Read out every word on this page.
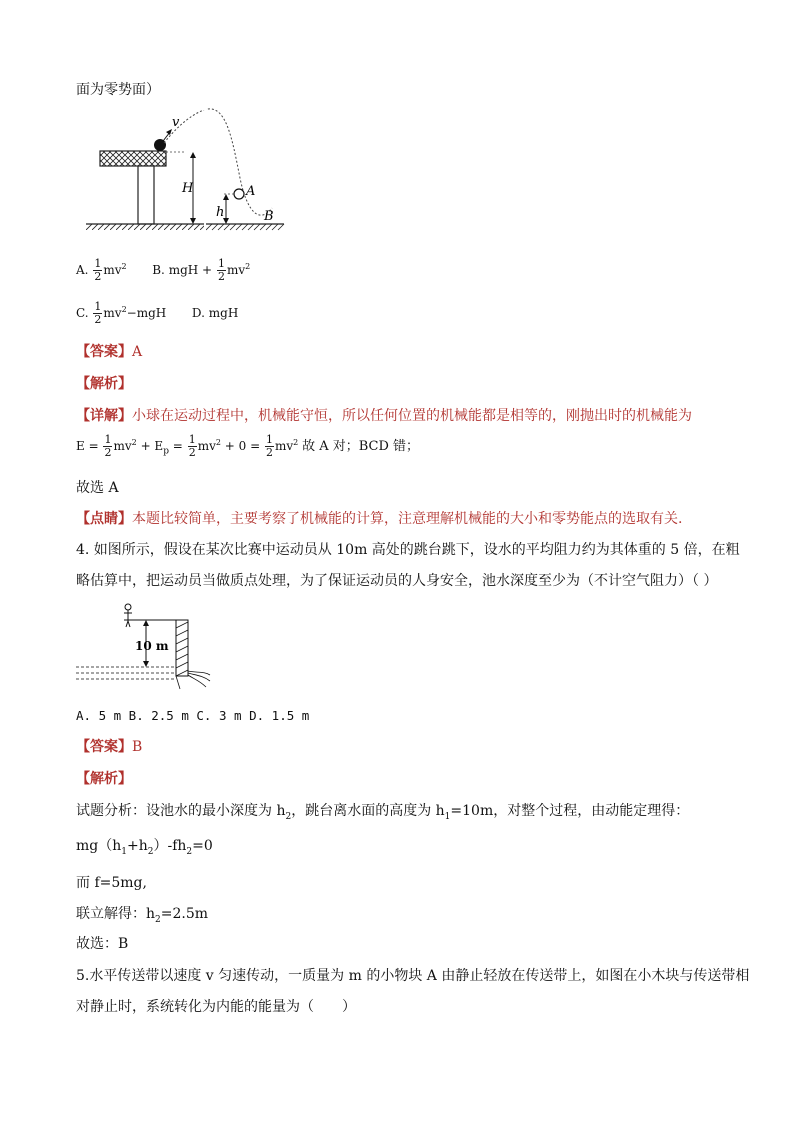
面为零势面）
v
H	A
h	B
A. $\frac{1}{2} mv^2$ B. mgH + $\frac{1}{2} mv^2$
C. $\frac{1}{2} mv^2-mgH$ D. mgH
【答案】A
【解析】
【详解】小球在运动过程中，机械能守恒，所以任何位置的机械能都是相等的，刚抛出时的机械能为
$E = \frac{1}{2} mv^2 + E_p = \frac{1}{2} mv^2 + 0 = \frac{1}{2} mv^2$ 故 A 对；BCD 错；
故选 A
【点睛】本题比较简单，主要考察了机械能的计算，注意理解机械能的大小和零势能点的选取有关.
4. 如图所示，假设在某次比赛中运动员从 10m 高处的跳台跳下，设水的平均阻力约为其体重的 5 倍，在粗
略估算中，把运动员当做质点处理，为了保证运动员的人身安全，池水深度至少为（不计空气阻力）（ ）
10 m
A. 5 m B. 2.5 m C. 3 m D. 1.5 m
【答案】B
【解析】
试题分析：设池水的最小深度为 $h_2$，跳台离水面的高度为 $h_1=10m$，对整个过程，由动能定理得：
$mg(h_1+h_2)-fh_2=0$
而 f=5mg,
联立解得：$h_2=2.5m$
故选：B
5.水平传送带以速度 v 匀速传动，一质量为 m 的小物块 A 由静止轻放在传送带上，如图在小木块与传送带相
对静止时，系统转化为内能的能量为（　　）
